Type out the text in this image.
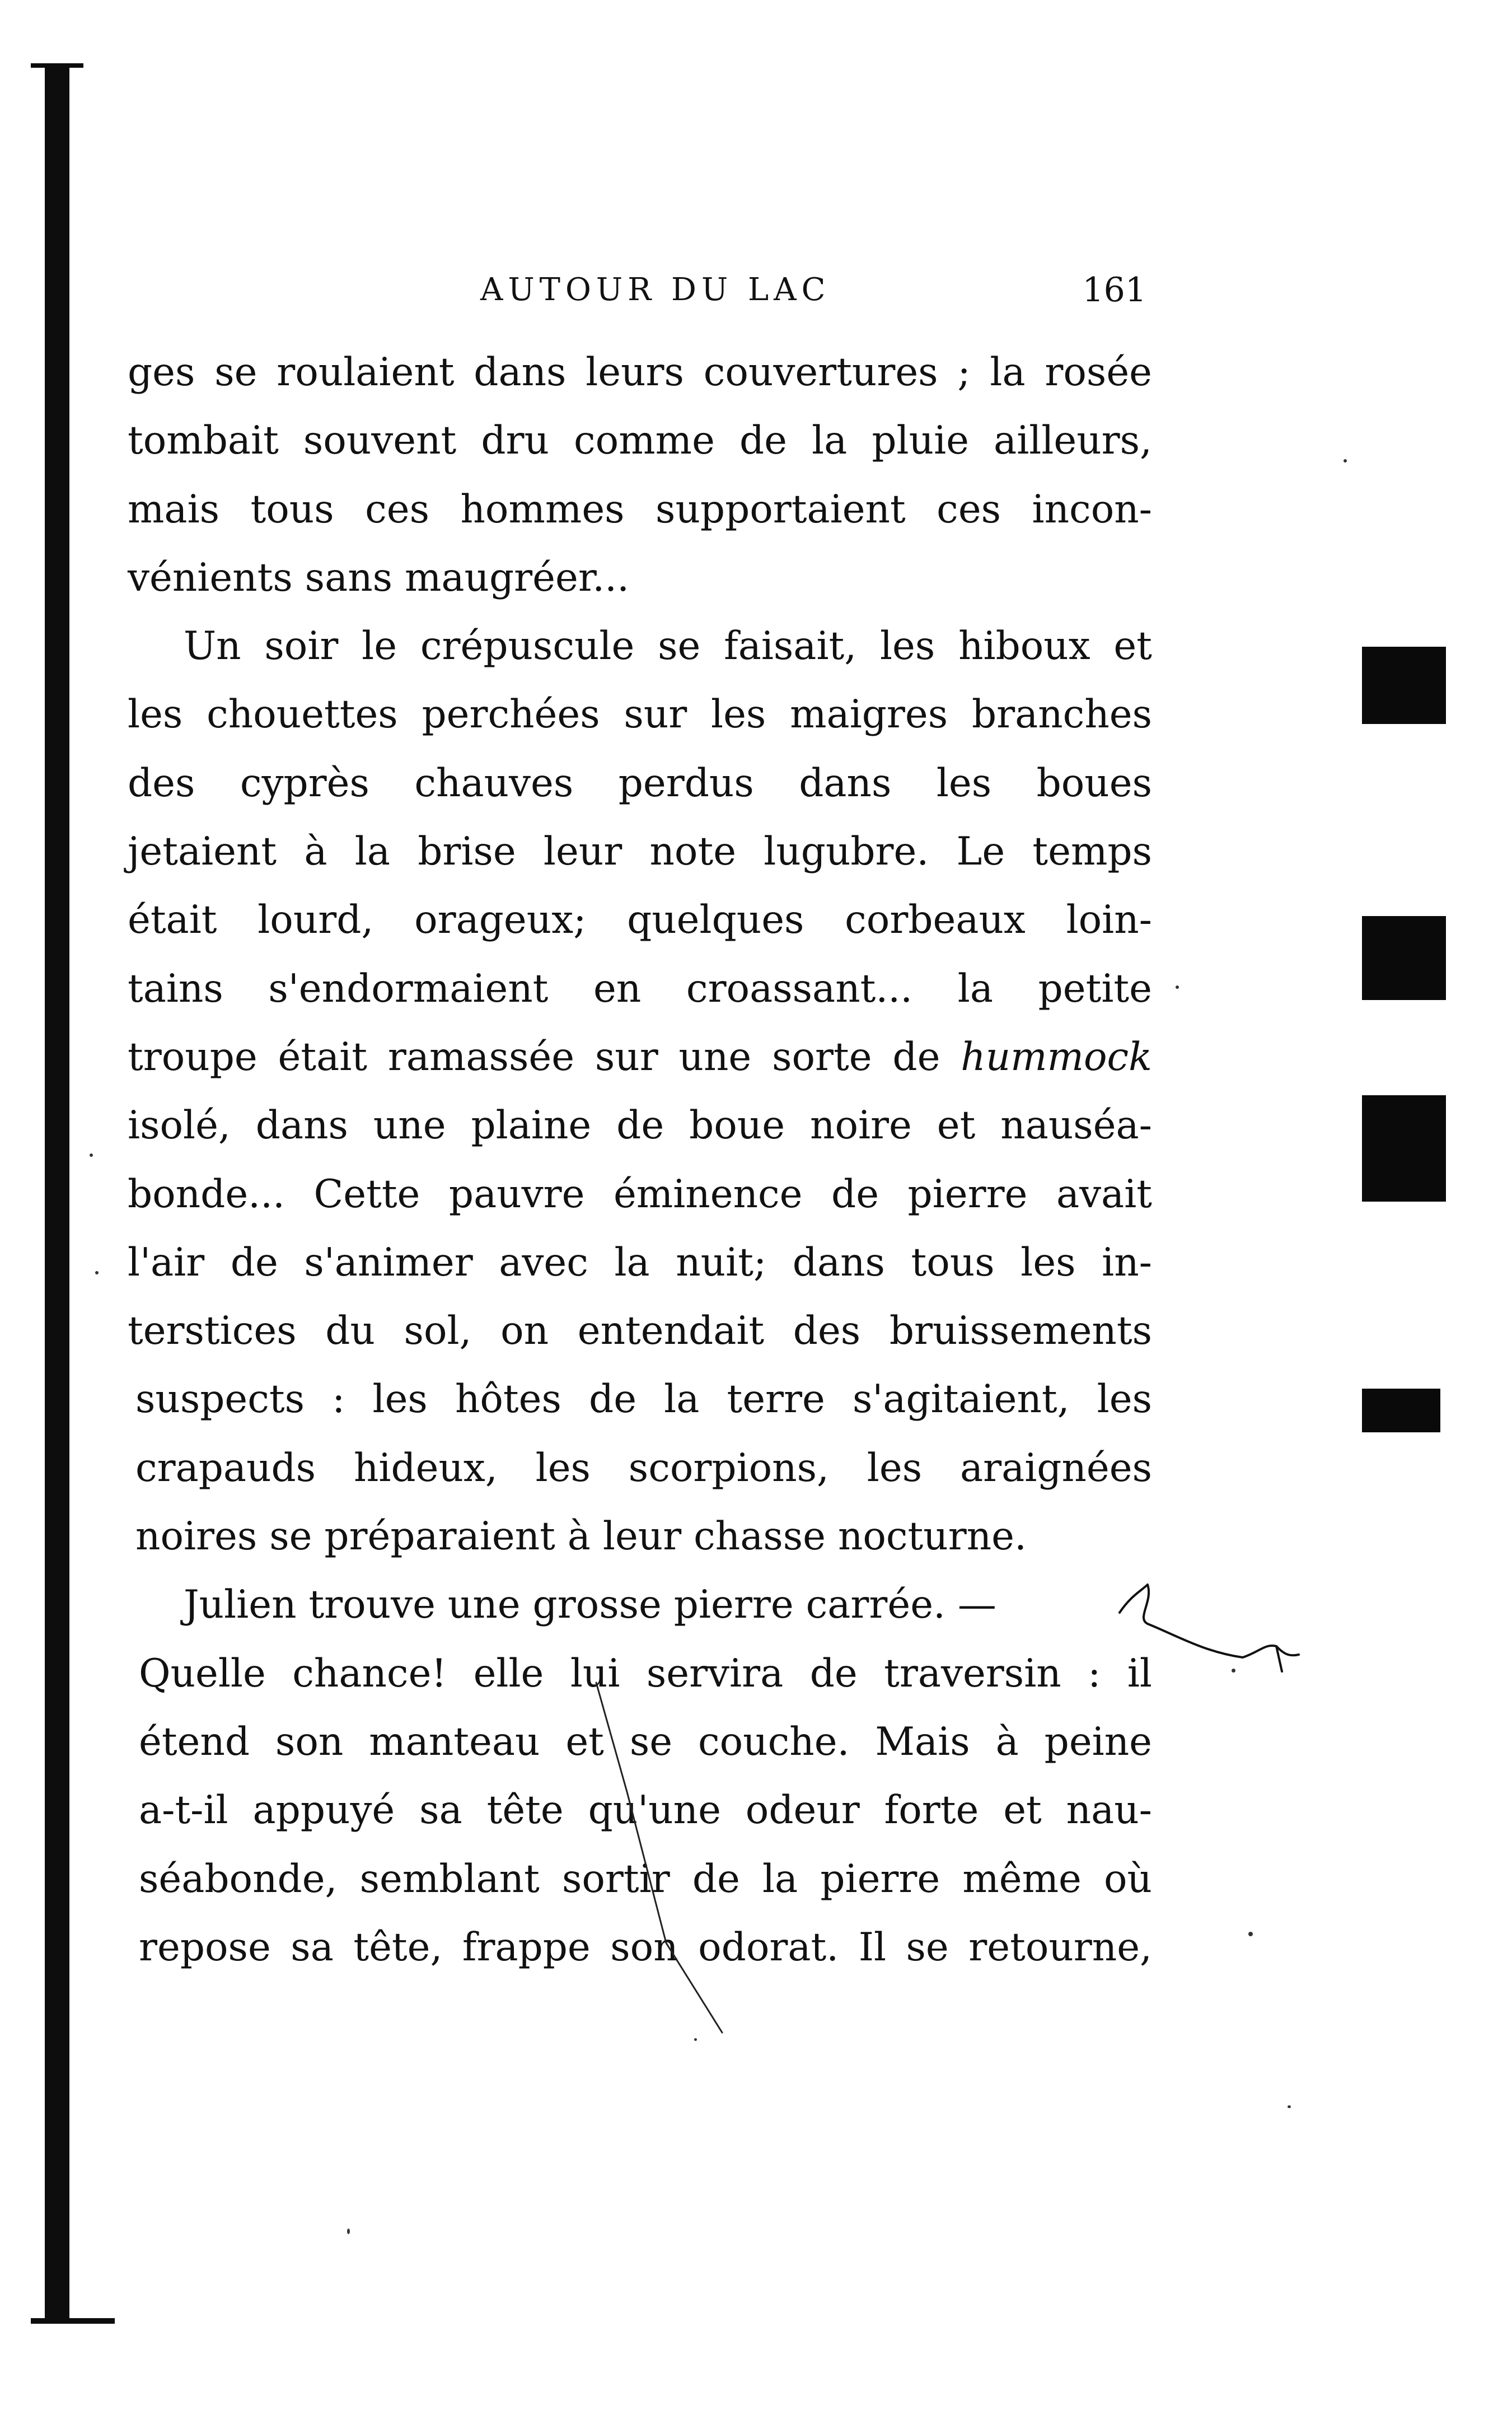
AUTOUR DU LAC	161
ges se roulaient dans leurs couvertures ; la rosée
tombait souvent dru comme de la pluie ailleurs,
mais tous ces hommes supportaient ces incon-
vénients sans maugréer...
Un soir le crépuscule se faisait, les hiboux et
les chouettes perchées sur les maigres branches
des cyprès chauves perdus dans les boues
jetaient à la brise leur note lugubre. Le temps
était lourd, orageux; quelques corbeaux loin-
tains s'endormaient en croassant... la petite
troupe était ramassée sur une sorte de hummock
isolé, dans une plaine de boue noire et nauséa-
bonde... Cette pauvre éminence de pierre avait
l'air de s'animer avec la nuit; dans tous les in-
terstices du sol, on entendait des bruissements
suspects : les hôtes de la terre s'agitaient, les
crapauds hideux, les scorpions, les araignées
noires se préparaient à leur chasse nocturne.
Julien trouve une grosse pierre carrée. —
Quelle chance! elle lui servira de traversin : il
étend son manteau et se couche. Mais à peine
a-t-il appuyé sa tête qu'une odeur forte et nau-
séabonde, semblant sortir de la pierre même où
repose sa tête, frappe son odorat. Il se retourne,
